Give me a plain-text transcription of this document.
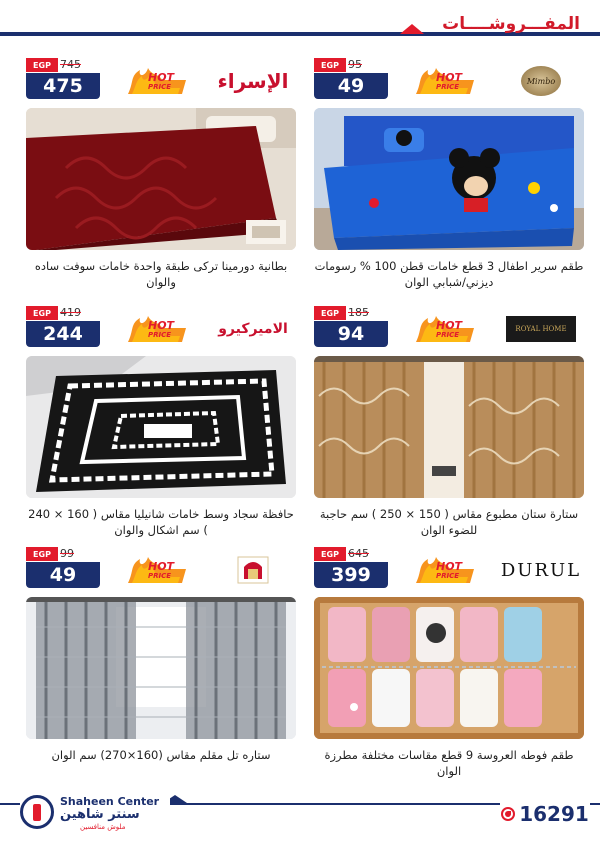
المفـــروشــــات
EGP 95
49	HOT
PRICE
Mimbo
طقم سرير اطفال 3 قطع خامات قطن 100 % رسومات ديزني/شبابي الوان
EGP 745
475	HOT
PRICE الإسراء
بطانية دورمينا تركى طبقة واحدة خامات سوفت ساده والوان
EGP 185
94	HOT
PRICE
ROYAL HOME
ستارة ستان مطبوع مقاس ( 150 × 250 ) سم حاجبة للضوء الوان
EGP 419
244	HOT
PRICE	الاميركيرو
حافظة سجاد وسط خامات شانيليا مقاس ( 160 × 240 ) سم اشكال والوان
EGP 645
399	HOT
PRICE DURUL
طقم فوطه العروسة 9 قطع مقاسات مختلفة مطرزة الوان
EGP 99
49	HOT
PRICE
ستاره تل مقلم مقاس (160×270) سم الوان
Shaheen Center
سنتر شاهين
ملوش منافسين
16291
